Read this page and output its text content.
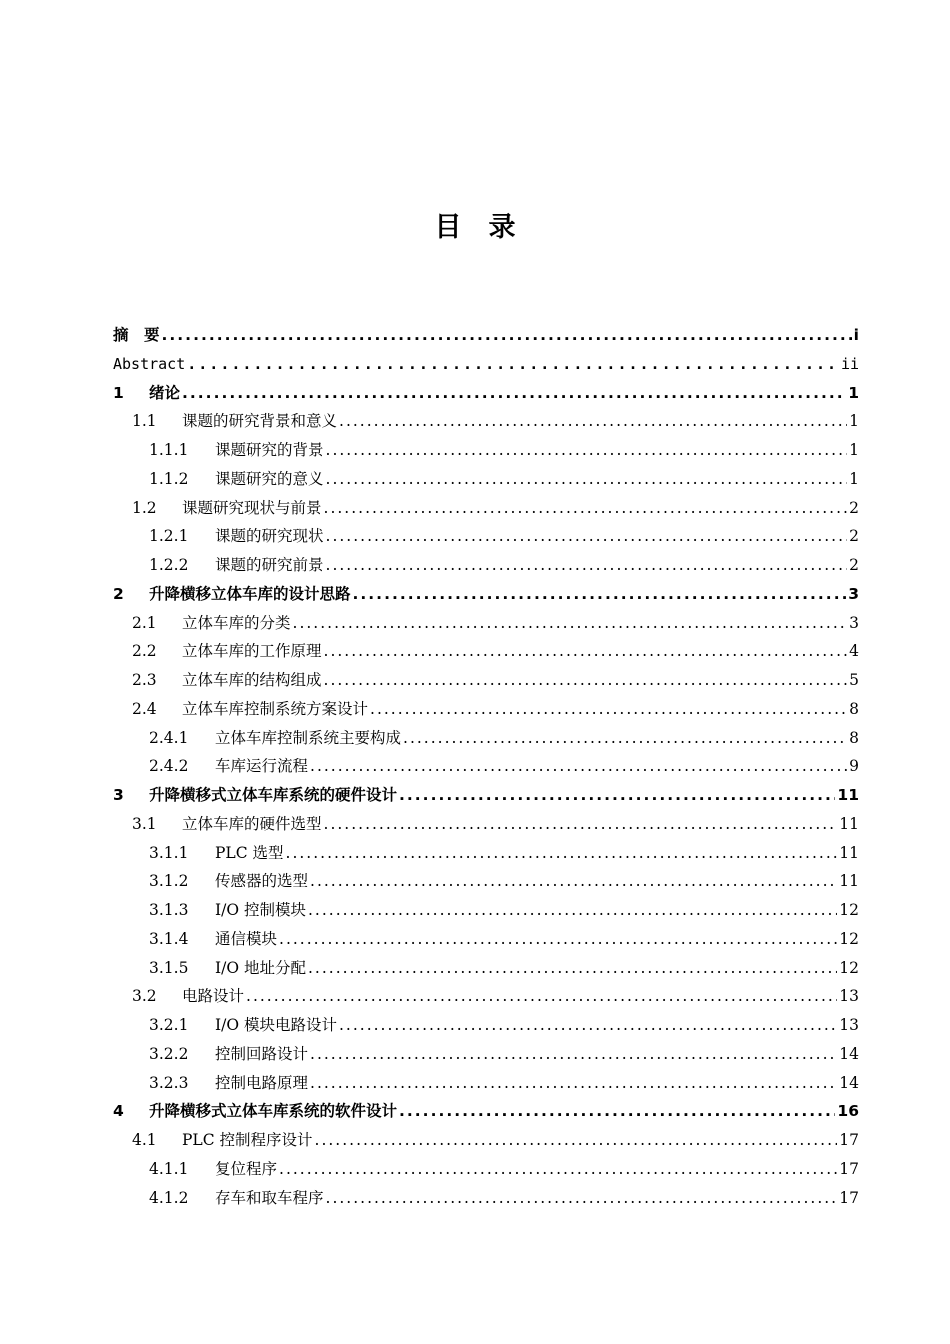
目　录
摘　要 .....	i
Abstract .....	ii
1	绪论 .....	1
1.1	课题的研究背景和意义 .....	1
1.1.1	课题研究的背景 .....	1
1.1.2	课题研究的意义 .....	1
1.2	课题研究现状与前景 .....	2
1.2.1	课题的研究现状 .....	2
1.2.2	课题的研究前景 .....	2
2	升降横移立体车库的设计思路 .....	3
2.1	立体车库的分类 .....	3
2.2	立体车库的工作原理 .....	4
2.3	立体车库的结构组成 .....	5
2.4	立体车库控制系统方案设计 .....	8
2.4.1	立体车库控制系统主要构成 .....	8
2.4.2	车库运行流程 .....	9
3	升降横移式立体车库系统的硬件设计 .....	11
3.1	立体车库的硬件选型 .....	11
3.1.1	PLC 选型 .....	11
3.1.2	传感器的选型 .....	11
3.1.3	I/O 控制模块 .....	12
3.1.4	通信模块 .....	12
3.1.5	I/O 地址分配 .....	12
3.2	电路设计 .....	13
3.2.1	I/O 模块电路设计 .....	13
3.2.2	控制回路设计 .....	14
3.2.3	控制电路原理 .....	14
4	升降横移式立体车库系统的软件设计 .....	16
4.1	PLC 控制程序设计 .....	17
4.1.1	复位程序 .....	17
4.1.2	存车和取车程序 .....	17
